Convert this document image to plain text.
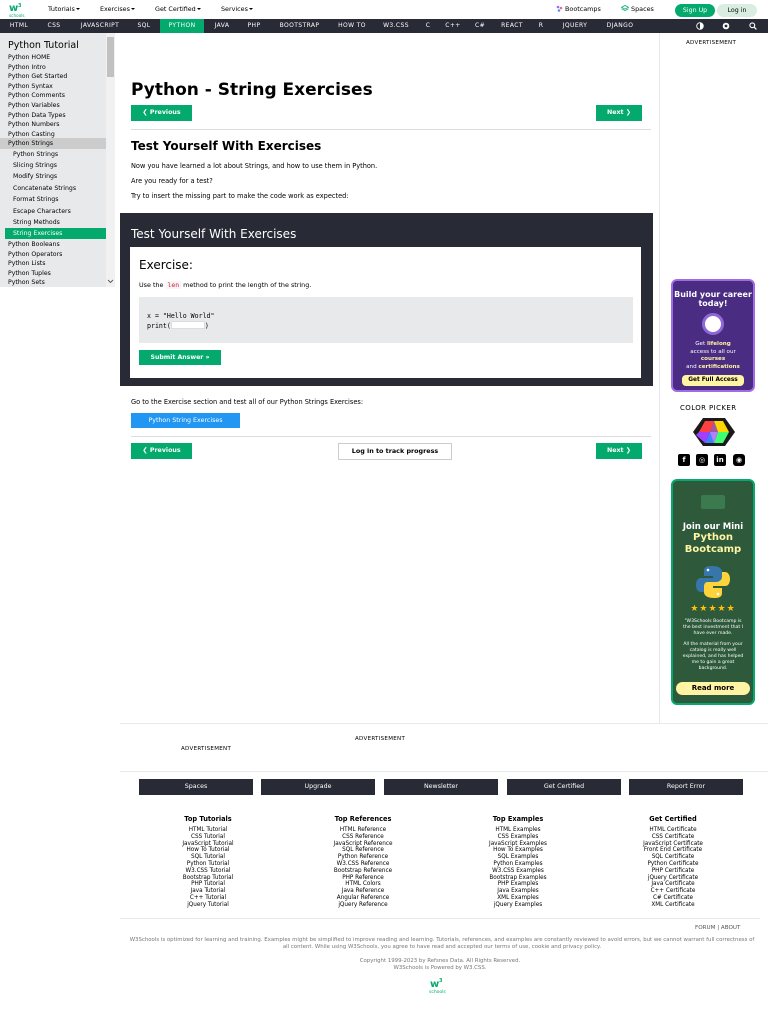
w 3
schools
Tutorials	Exercises	Get Certified	Services	Bootcamps	Spaces	Sign Up	Log in
HTML	CSS	JAVASCRIPT	SQL	PYTHON	JAVA	PHP	BOOTSTRAP	HOW TO	W3.CSS	C	C++	C#	REACT	R	JQUERY	DJANGO
Python Tutorial
Python HOME
Python Intro
Python Get Started
Python Syntax
Python Comments
Python Variables
Python Data Types
Python Numbers
Python Casting
Python Strings
Python Strings
Slicing Strings
Modify Strings
Concatenate Strings
Format Strings
Escape Characters
String Methods
String Exercises
Python Booleans
Python Operators
Python Lists
Python Tuples
Python Sets
Python - String Exercises
❮ Previous	Next ❯
Test Yourself With Exercises

Now you have learned a lot about Strings, and how to use them in Python.

Are you ready for a test?

Try to insert the missing part to make the code work as expected:

Test Yourself With Exercises
Exercise:
Use the len method to print the length of the string.
x = "Hello World"
print(	)
Submit Answer »

Go to the Exercise section and test all of our Python Strings Exercises:

Python String Exercises
❮ Previous	Log in to track progress	Next ❯
ADVERTISEMENT
Build your career today!
Get lifelong
access to all our
courses
and certifications
Get Full Access
COLOR PICKER
f	◎	in	◉
Join our Mini
Python
Bootcamp
★★★★★
"W3Schools Bootcamp is the best investment that I have ever made.
All the material from your catalog is really well explained, and has helped me to gain a great background.
Read more
ADVERTISEMENT
ADVERTISEMENT
Spaces	Upgrade	Newsletter	Get Certified	Report Error
Top Tutorials
HTML Tutorial
CSS Tutorial
JavaScript Tutorial
How To Tutorial
SQL Tutorial
Python Tutorial
W3.CSS Tutorial
Bootstrap Tutorial
PHP Tutorial
Java Tutorial
C++ Tutorial
jQuery Tutorial
Top References
HTML Reference
CSS Reference
JavaScript Reference
SQL Reference
Python Reference
W3.CSS Reference
Bootstrap Reference
PHP Reference
HTML Colors
Java Reference
Angular Reference
jQuery Reference
Top Examples
HTML Examples
CSS Examples
JavaScript Examples
How To Examples
SQL Examples
Python Examples
W3.CSS Examples
Bootstrap Examples
PHP Examples
Java Examples
XML Examples
jQuery Examples
Get Certified
HTML Certificate
CSS Certificate
JavaScript Certificate
Front End Certificate
SQL Certificate
Python Certificate
PHP Certificate
jQuery Certificate
Java Certificate
C++ Certificate
C# Certificate
XML Certificate
FORUM | ABOUT
W3Schools is optimized for learning and training. Examples might be simplified to improve reading and learning. Tutorials, references, and examples are constantly reviewed to avoid errors, but we cannot warrant full correctness of all content. While using W3Schools, you agree to have read and accepted our terms of use, cookie and privacy policy.
Copyright 1999-2023 by Refsnes Data. All Rights Reserved.
W3Schools is Powered by W3.CSS.
w 3
schools
